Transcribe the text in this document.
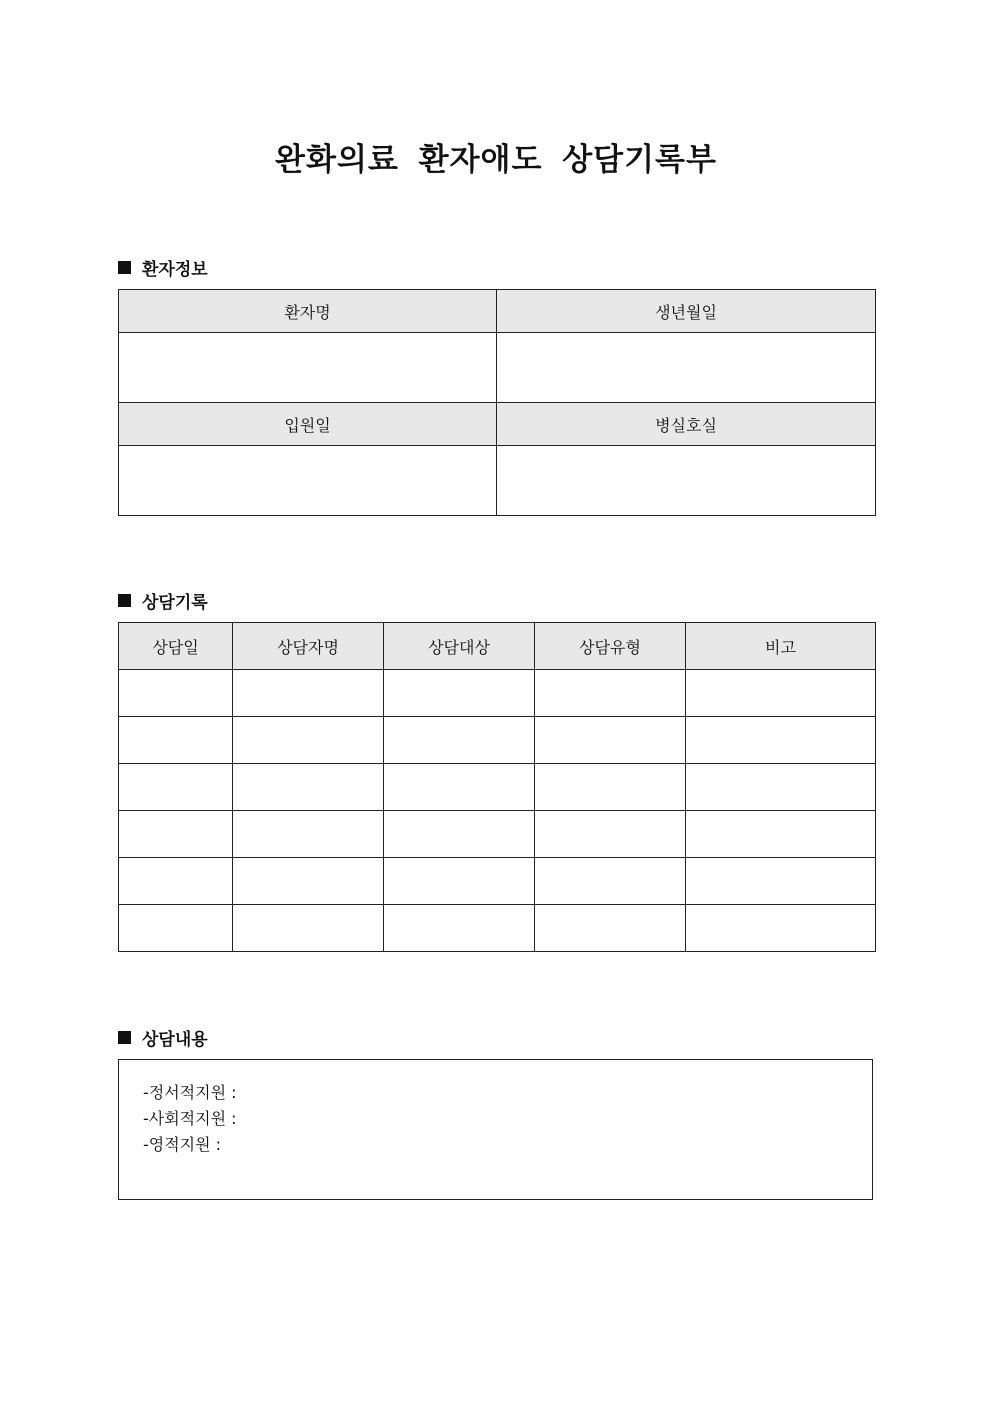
완화의료 환자애도 상담기록부
환자정보
환자명	생년월일

입원일	병실호실

상담기록
상담일	상담자명	상담대상	상담유형	비고

상담내용
-정서적지원 :
-사회적지원 :
-영적지원 :
